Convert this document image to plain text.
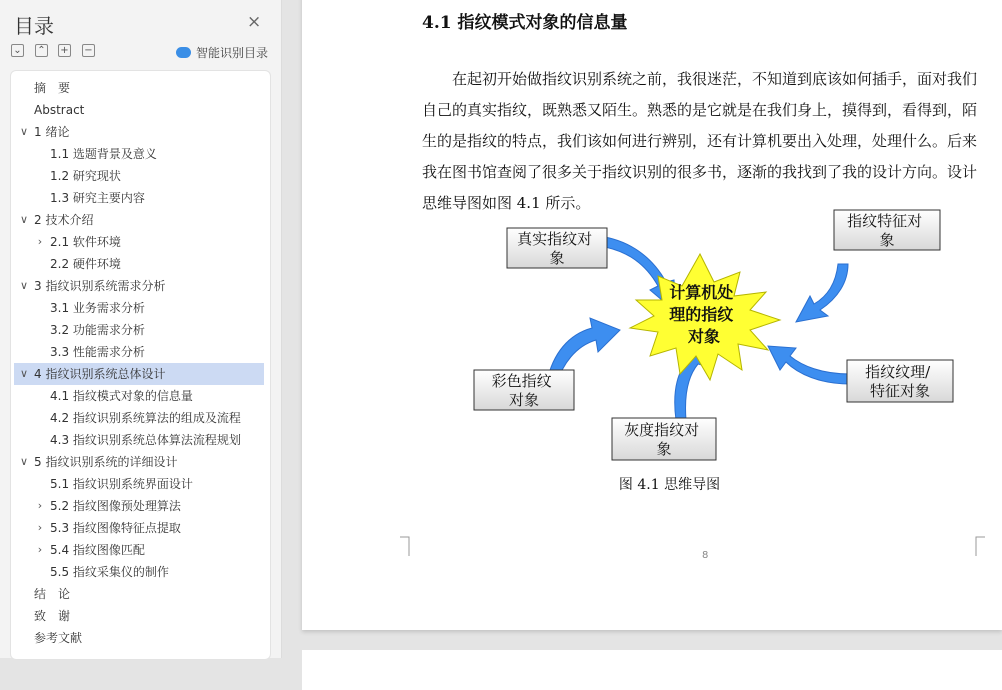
目录	×
⌄ ⌃ + −	智能识别目录
摘　要
Abstract
∨ 1 绪论
1.1 选题背景及意义
1.2 研究现状
1.3 研究主要内容
∨ 2 技术介绍
› 2.1 软件环境
2.2 硬件环境
∨ 3 指纹识别系统需求分析
3.1 业务需求分析
3.2 功能需求分析
3.3 性能需求分析
∨ 4 指纹识别系统总体设计
4.1 指纹模式对象的信息量
4.2 指纹识别系统算法的组成及流程
4.3 指纹识别系统总体算法流程规划
∨ 5 指纹识别系统的详细设计
5.1 指纹识别系统界面设计
› 5.2 指纹图像预处理算法
› 5.3 指纹图像特征点提取
› 5.4 指纹图像匹配
5.5 指纹采集仪的制作
结　论
致　谢
参考文献
4.1 指纹模式对象的信息量

在起初开始做指纹识别系统之前，我很迷茫，不知道到底该如何插手，面对我们自己的真实指纹，既熟悉又陌生。熟悉的是它就是在我们身上，摸得到，看得到，陌生的是指纹的特点，我们该如何进行辨别，还有计算机要出入处理，处理什么。后来我在图书馆查阅了很多关于指纹识别的很多书，逐渐的我找到了我的设计方向。设计思维导图如图 4.1 所示。

计算机处 理的指纹 对象
真实指纹对 象
指纹特征对 象
彩色指纹 对象
指纹纹理/ 特征对象
灰度指纹对 象
图 4.1 思维导图
8
